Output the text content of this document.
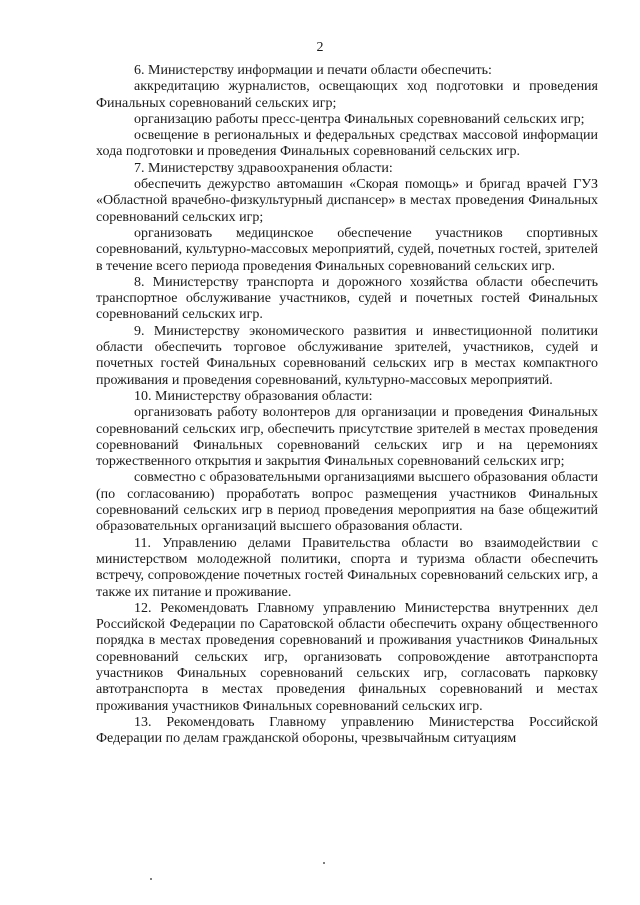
2

6. Министерству информации и печати области обеспечить:

аккредитацию журналистов, освещающих ход подготовки и проведения Финальных соревнований сельских игр;

организацию работы пресс-центра Финальных соревнований сельских игр;

освещение в региональных и федеральных средствах массовой информации хода подготовки и проведения Финальных соревнований сельских игр.

7. Министерству здравоохранения области:

обеспечить дежурство автомашин «Скорая помощь» и бригад врачей ГУЗ «Областной врачебно-физкультурный диспансер» в местах проведения Финальных соревнований сельских игр;

организовать медицинское обеспечение участников спортивных соревнований, культурно-массовых мероприятий, судей, почетных гостей, зрителей в течение всего периода проведения Финальных соревнований сельских игр.

8. Министерству транспорта и дорожного хозяйства области обеспечить транспортное обслуживание участников, судей и почетных гостей Финальных соревнований сельских игр.

9. Министерству экономического развития и инвестиционной политики области обеспечить торговое обслуживание зрителей, участников, судей и почетных гостей Финальных соревнований сельских игр в местах компактного проживания и проведения соревнований, культурно-массовых мероприятий.

10. Министерству образования области:

организовать работу волонтеров для организации и проведения Финальных соревнований сельских игр, обеспечить присутствие зрителей в местах проведения соревнований Финальных соревнований сельских игр и на церемониях торжественного открытия и закрытия Финальных соревнований сельских игр;

совместно с образовательными организациями высшего образования области (по согласованию) проработать вопрос размещения участников Финальных соревнований сельских игр в период проведения мероприятия на базе общежитий образовательных организаций высшего образования области.

11. Управлению делами Правительства области во взаимодействии с министерством молодежной политики, спорта и туризма области обеспечить встречу, сопровождение почетных гостей Финальных соревнований сельских игр, а также их питание и проживание.

12. Рекомендовать Главному управлению Министерства внутренних дел Российской Федерации по Саратовской области обеспечить охрану общественного порядка в местах проведения соревнований и проживания участников Финальных соревнований сельских игр, организовать сопровождение автотранспорта участников Финальных соревнований сельских игр, согласовать парковку автотранспорта в местах проведения финальных соревнований и местах проживания участников Финальных соревнований сельских игр.

13. Рекомендовать Главному управлению Министерства Российской Федерации по делам гражданской обороны, чрезвычайным ситуациям
